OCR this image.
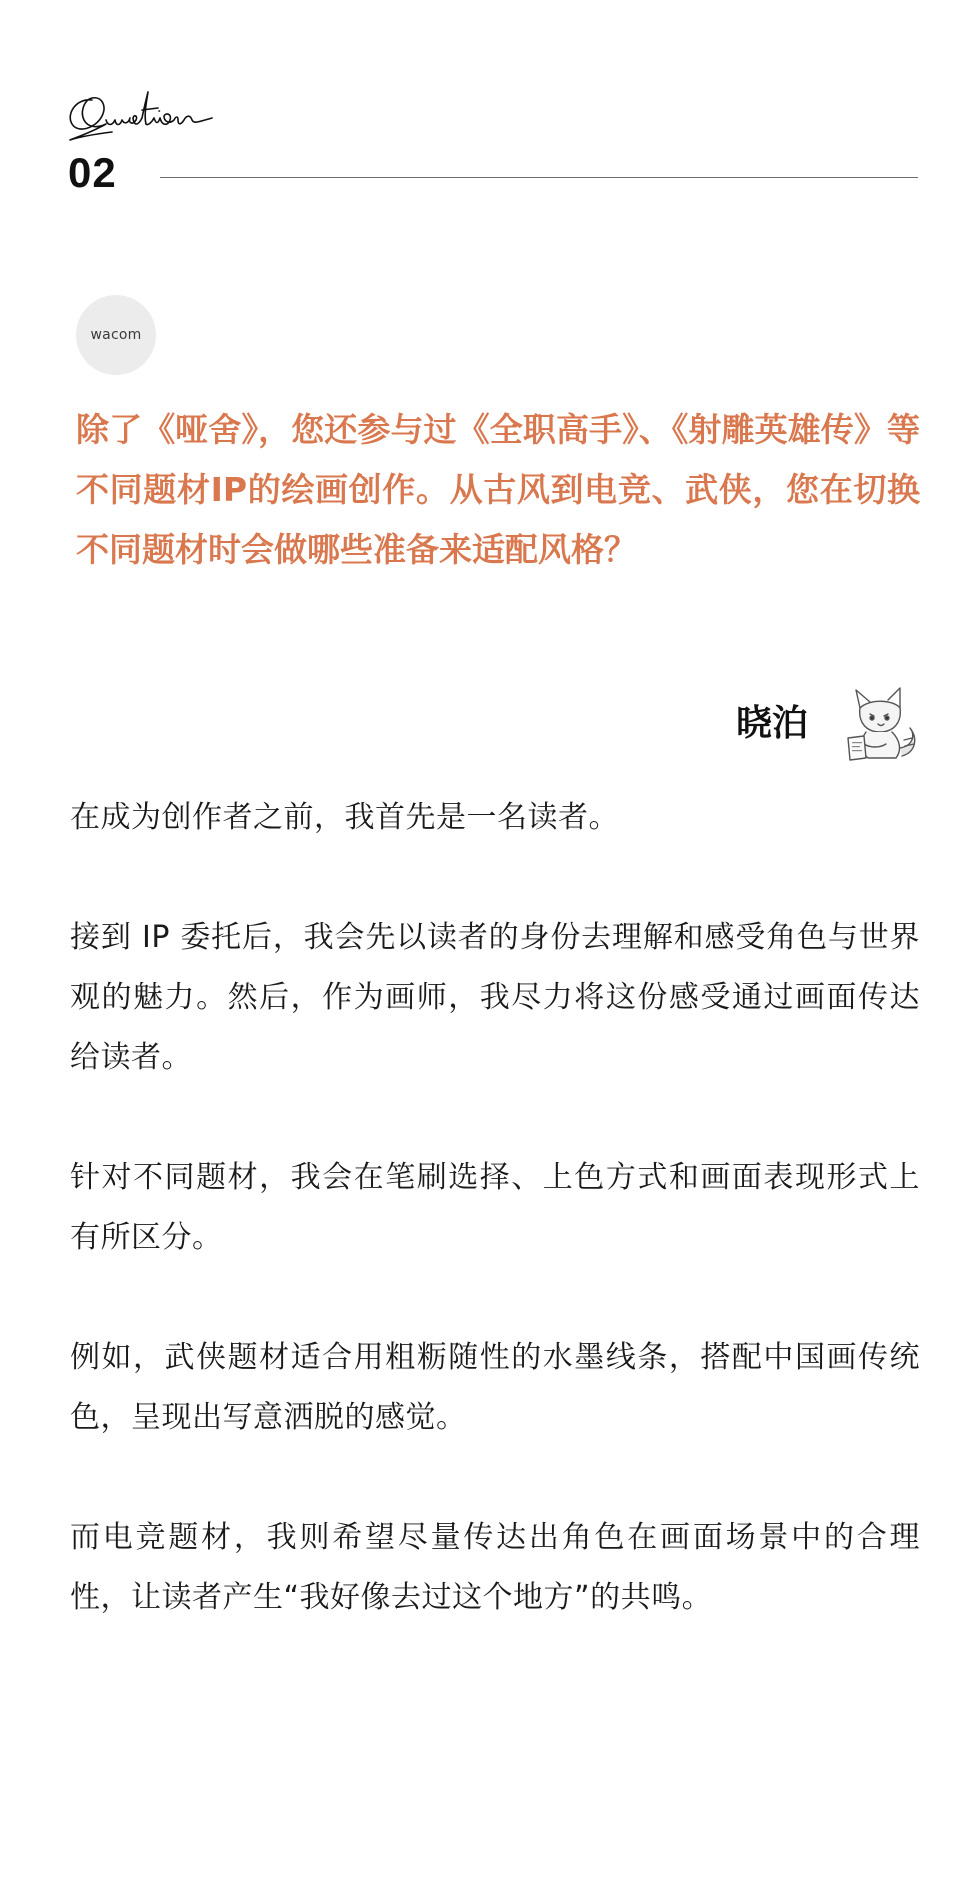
02
wacom

除了《哑舍》，您还参与过《全职高手》、《射雕英雄传》等不同题材IP的绘画创作。从古风到电竞、武侠，您在切换不同题材时会做哪些准备来适配风格？

晓泊

在成为创作者之前，我首先是一名读者。

接到 IP 委托后，我会先以读者的身份去理解和感受角色与世界观的魅力。然后，作为画师，我尽力将这份感受通过画面传达给读者。

针对不同题材，我会在笔刷选择、上色方式和画面表现形式上有所区分。

例如，武侠题材适合用粗粝随性的水墨线条，搭配中国画传统色，呈现出写意洒脱的感觉。

而电竞题材，我则希望尽量传达出角色在画面场景中的合理性，让读者产生“我好像去过这个地方”的共鸣。
